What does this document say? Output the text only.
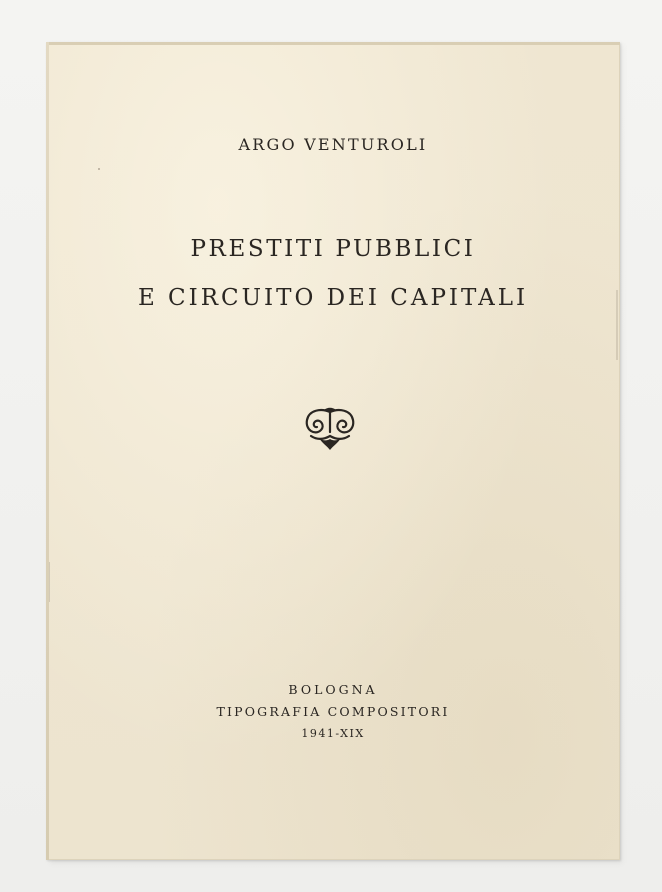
ARGO VENTUROLI
PRESTITI PUBBLICI
E CIRCUITO DEI CAPITALI
BOLOGNA
TIPOGRAFIA COMPOSITORI
1941-XIX
